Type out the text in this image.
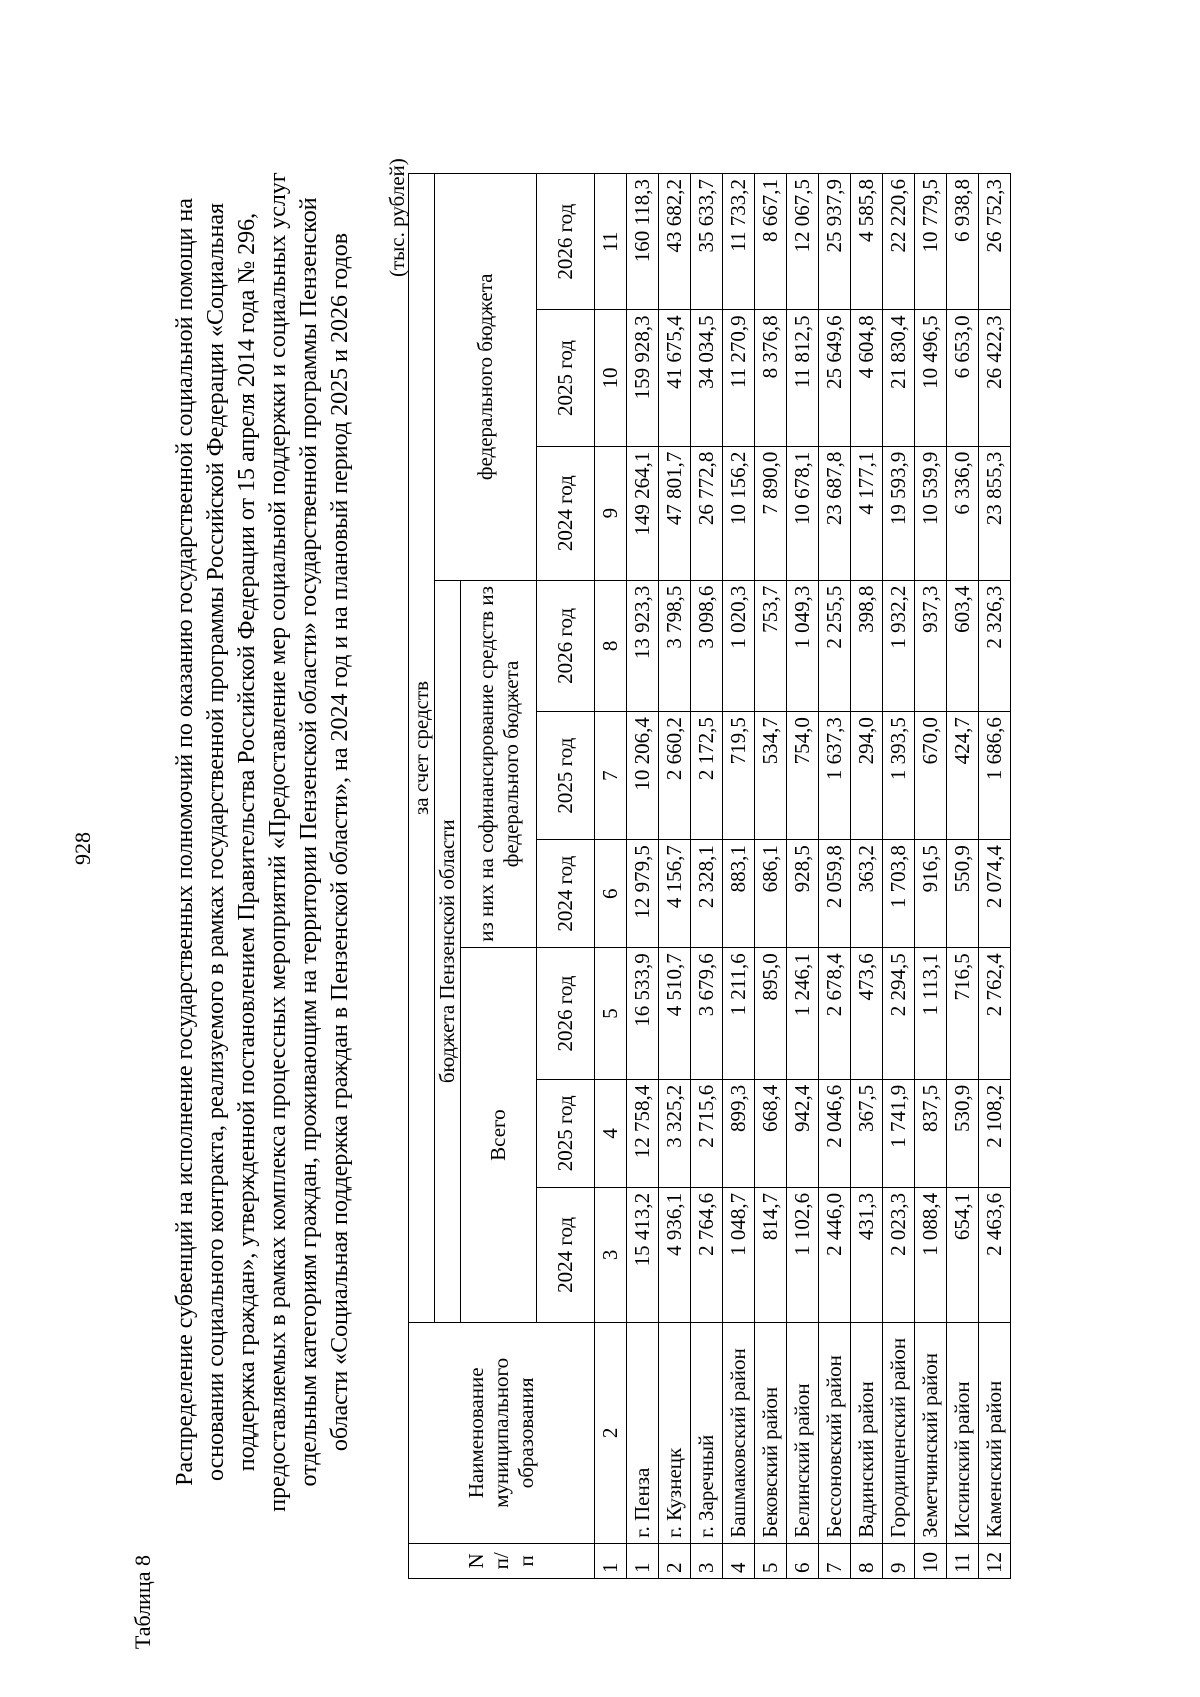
928
Таблица 8
Распределение субвенций на исполнение государственных полномочий по оказанию государственной социальной помощи на основании социального контракта, реализуемого в рамках государственной программы Российской Федерации «Социальная поддержка граждан», утвержденной постановлением Правительства Российской Федерации от 15 апреля 2014 года № 296, предоставляемых в рамках комплекса процессных мероприятий «Предоставление мер социальной поддержки и социальных услуг отдельным категориям граждан, проживающим на территории Пензенской области» государственной программы Пензенской области «Социальная поддержка граждан в Пензенской области», на 2024 год и на плановый период 2025 и 2026 годов
(тыс. рублей)
N п/ п	Наименование муниципального образования	за счет средств								
		бюджета Пензенской области						федерального бюджета		
		Всего			из них на софинансирование средств из федерального бюджета					
		2024 год	2025 год	2026 год	2024 год	2025 год	2026 год	2024 год	2025 год	2026 год
1	2	3	4	5	6	7	8	9	10	11
1	г. Пенза	15 413,2	12 758,4	16 533,9	12 979,5	10 206,4	13 923,3	149 264,1	159 928,3	160 118,3
2	г. Кузнецк	4 936,1	3 325,2	4 510,7	4 156,7	2 660,2	3 798,5	47 801,7	41 675,4	43 682,2
3	г. Заречный	2 764,6	2 715,6	3 679,6	2 328,1	2 172,5	3 098,6	26 772,8	34 034,5	35 633,7
4	Башмаковский район	1 048,7	899,3	1 211,6	883,1	719,5	1 020,3	10 156,2	11 270,9	11 733,2
5	Бековский район	814,7	668,4	895,0	686,1	534,7	753,7	7 890,0	8 376,8	8 667,1
6	Белинский район	1 102,6	942,4	1 246,1	928,5	754,0	1 049,3	10 678,1	11 812,5	12 067,5
7	Бессоновский район	2 446,0	2 046,6	2 678,4	2 059,8	1 637,3	2 255,5	23 687,8	25 649,6	25 937,9
8	Вадинский район	431,3	367,5	473,6	363,2	294,0	398,8	4 177,1	4 604,8	4 585,8
9	Городищенский район	2 023,3	1 741,9	2 294,5	1 703,8	1 393,5	1 932,2	19 593,9	21 830,4	22 220,6
10	Земетчинский район	1 088,4	837,5	1 113,1	916,5	670,0	937,3	10 539,9	10 496,5	10 779,5
11	Иссинский район	654,1	530,9	716,5	550,9	424,7	603,4	6 336,0	6 653,0	6 938,8
12	Каменский район	2 463,6	2 108,2	2 762,4	2 074,4	1 686,6	2 326,3	23 855,3	26 422,3	26 752,3
